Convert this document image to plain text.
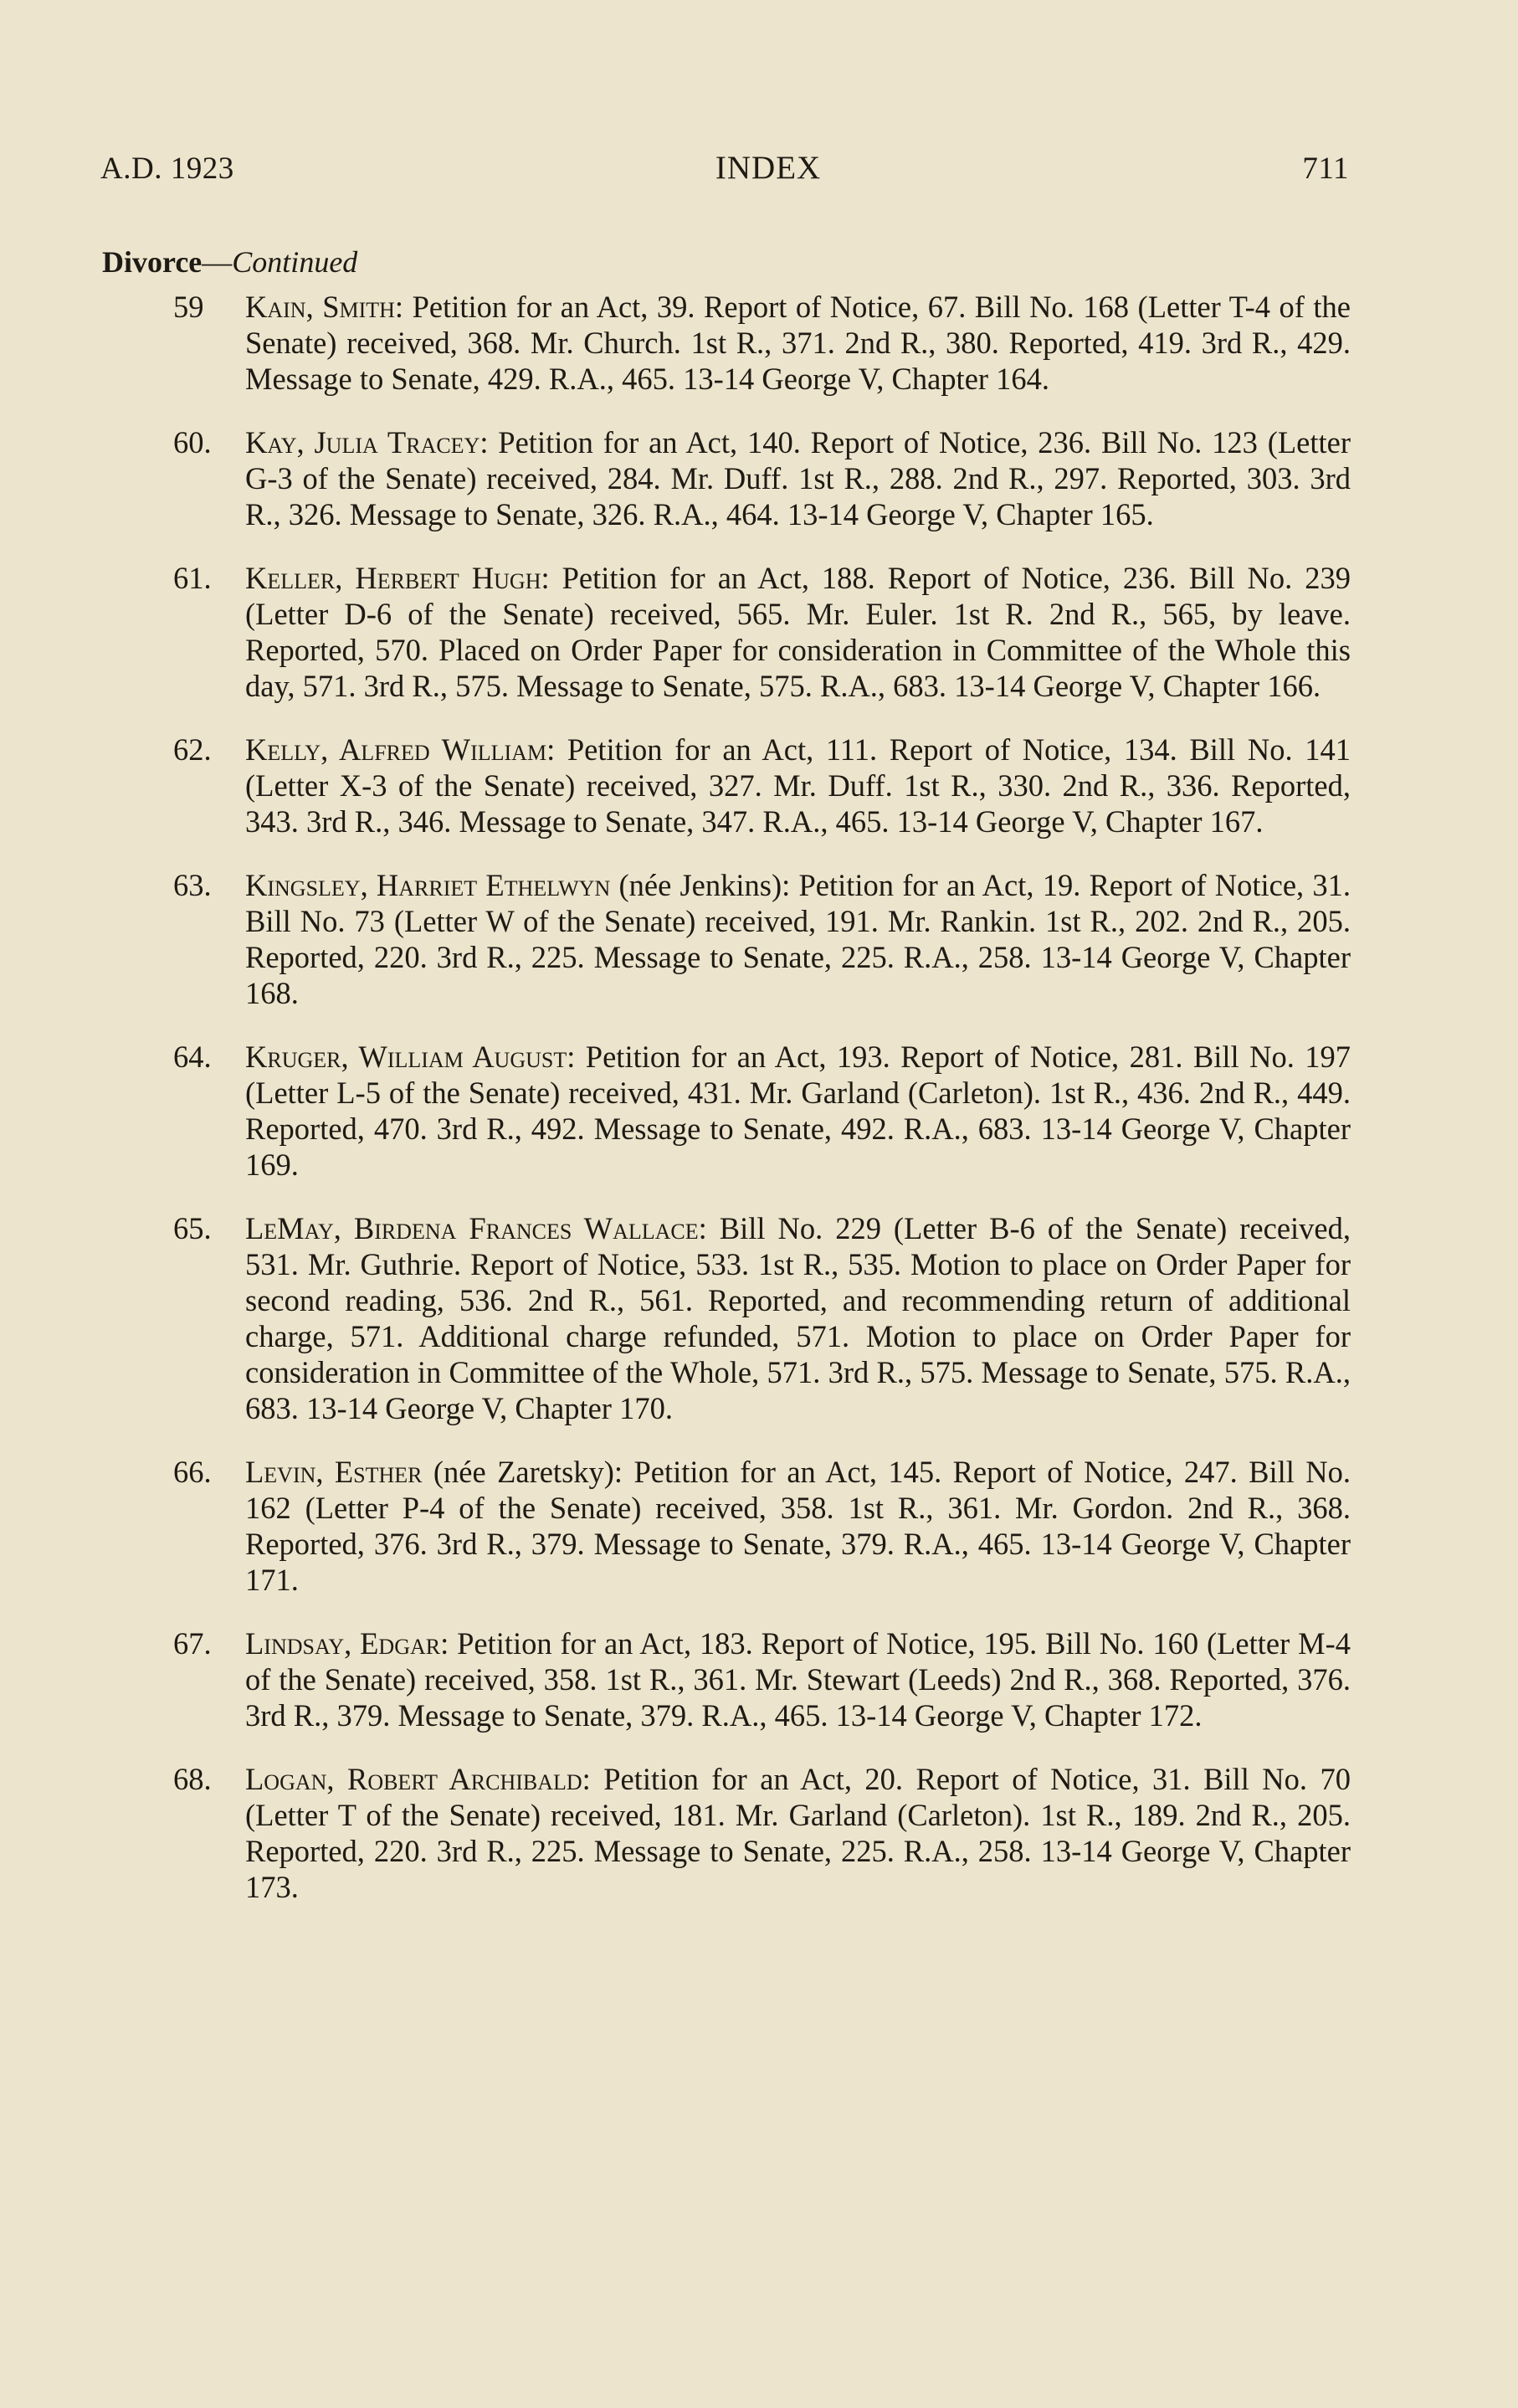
A.D. 1923	INDEX	711
Divorce—Continued
59 Kain, Smith: Petition for an Act, 39. Report of Notice, 67. Bill No. 168 (Letter T-4 of the Senate) received, 368. Mr. Church. 1st R., 371. 2nd R., 380. Reported, 419. 3rd R., 429. Message to Senate, 429. R.A., 465. 13-14 George V, Chapter 164.
60. Kay, Julia Tracey: Petition for an Act, 140. Report of Notice, 236. Bill No. 123 (Letter G-3 of the Senate) received, 284. Mr. Duff. 1st R., 288. 2nd R., 297. Reported, 303. 3rd R., 326. Message to Senate, 326. R.A., 464. 13-14 George V, Chapter 165.
61. Keller, Herbert Hugh: Petition for an Act, 188. Report of Notice, 236. Bill No. 239 (Letter D-6 of the Senate) received, 565. Mr. Euler. 1st R. 2nd R., 565, by leave. Reported, 570. Placed on Order Paper for consideration in Committee of the Whole this day, 571. 3rd R., 575. Message to Senate, 575. R.A., 683. 13-14 George V, Chapter 166.
62. Kelly, Alfred William: Petition for an Act, 111. Report of Notice, 134. Bill No. 141 (Letter X-3 of the Senate) received, 327. Mr. Duff. 1st R., 330. 2nd R., 336. Reported, 343. 3rd R., 346. Message to Senate, 347. R.A., 465. 13-14 George V, Chapter 167.
63. Kingsley, Harriet Ethelwyn (née Jenkins): Petition for an Act, 19. Report of Notice, 31. Bill No. 73 (Letter W of the Senate) received, 191. Mr. Rankin. 1st R., 202. 2nd R., 205. Reported, 220. 3rd R., 225. Message to Senate, 225. R.A., 258. 13-14 George V, Chapter 168.
64. Kruger, William August: Petition for an Act, 193. Report of Notice, 281. Bill No. 197 (Letter L-5 of the Senate) received, 431. Mr. Garland (Carleton). 1st R., 436. 2nd R., 449. Reported, 470. 3rd R., 492. Message to Senate, 492. R.A., 683. 13-14 George V, Chapter 169.
65. LeMay, Birdena Frances Wallace: Bill No. 229 (Letter B-6 of the Senate) received, 531. Mr. Guthrie. Report of Notice, 533. 1st R., 535. Motion to place on Order Paper for second reading, 536. 2nd R., 561. Reported, and recommending return of additional charge, 571. Additional charge refunded, 571. Motion to place on Order Paper for consideration in Committee of the Whole, 571. 3rd R., 575. Message to Senate, 575. R.A., 683. 13-14 George V, Chapter 170.
66. Levin, Esther (née Zaretsky): Petition for an Act, 145. Report of Notice, 247. Bill No. 162 (Letter P-4 of the Senate) received, 358. 1st R., 361. Mr. Gordon. 2nd R., 368. Reported, 376. 3rd R., 379. Message to Senate, 379. R.A., 465. 13-14 George V, Chapter 171.
67. Lindsay, Edgar: Petition for an Act, 183. Report of Notice, 195. Bill No. 160 (Letter M-4 of the Senate) received, 358. 1st R., 361. Mr. Stewart (Leeds) 2nd R., 368. Reported, 376. 3rd R., 379. Message to Senate, 379. R.A., 465. 13-14 George V, Chapter 172.
68. Logan, Robert Archibald: Petition for an Act, 20. Report of Notice, 31. Bill No. 70 (Letter T of the Senate) received, 181. Mr. Garland (Carleton). 1st R., 189. 2nd R., 205. Reported, 220. 3rd R., 225. Message to Senate, 225. R.A., 258. 13-14 George V, Chapter 173.
